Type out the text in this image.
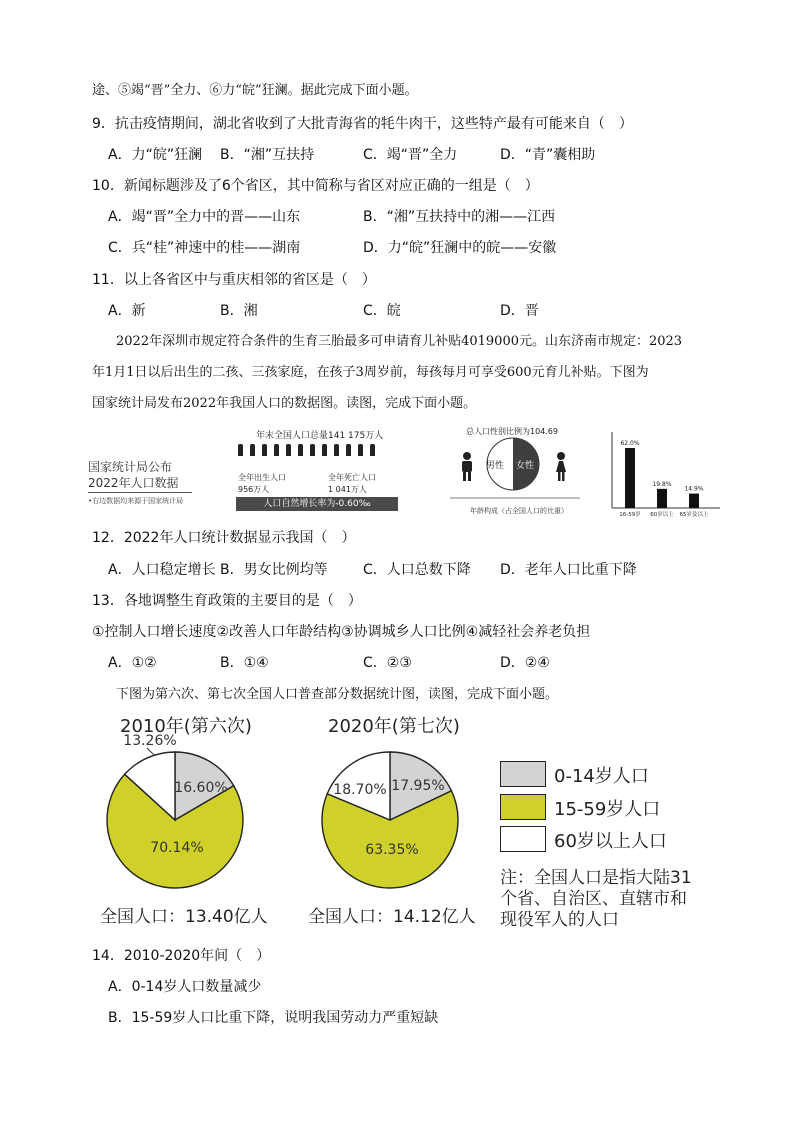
途、⑤竭“晋”全力、⑥力“皖”狂澜。据此完成下面小题。
9．抗击疫情期间，湖北省收到了大批青海省的牦牛肉干，这些特产最有可能来自（　）
A．力“皖”狂澜 B．“湘”互扶持	C．竭“晋”全力	D．“青”囊相助
10．新闻标题涉及了6个省区，其中简称与省区对应正确的一组是（　）
A．竭“晋”全力中的晋——山东	B．“湘”互扶持中的湘——江西
C．兵“桂”神速中的桂——湖南	D．力“皖”狂澜中的皖——安徽
11．以上各省区中与重庆相邻的省区是（　）
A．新	B．湘	C．皖	D．晋
2022年深圳市规定符合条件的生育三胎最多可申请育儿补贴4019000元。山东济南市规定：2023
年1月1日以后出生的二孩、三孩家庭，在孩子3周岁前，每孩每月可享受600元育儿补贴。下图为
国家统计局发布2022年我国人口的数据图。读图，完成下面小题。
国家统计局公布
2022年人口数据
•右边数据均来源于国家统计局
年末全国人口总量141 175万人
全年出生人口
956万人
全年死亡人口
1 041万人
人口自然增长率为-0.60‰
总人口性别比例为104.69
男性 女性
年龄构成（占全国人口的比重）
62.0%
16-59岁
19.8%
60岁以上
14.9%
65岁及以上
12．2022年人口统计数据显示我国（　）
A．人口稳定增长 B．男女比例均等	C．人口总数下降 D．老年人口比重下降
13．各地调整生育政策的主要目的是（　）
①控制人口增长速度②改善人口年龄结构③协调城乡人口比例④减轻社会养老负担
A．①②	B．①④	C．②③	D．②④
下图为第六次、第七次全国人口普查部分数据统计图，读图，完成下面小题。
2010年(第六次)	2020年(第七次)
16.60%
70.14%
13.26%
17.95%
63.35%
18.70%
全国人口：13.40亿人 全国人口：14.12亿人
0-14岁人口
15-59岁人口
60岁以上人口
注：全国人口是指大陆31
个省、自治区、直辖市和
现役军人的人口
14．2010-2020年间（　）
A．0-14岁人口数量减少
B．15-59岁人口比重下降，说明我国劳动力严重短缺
